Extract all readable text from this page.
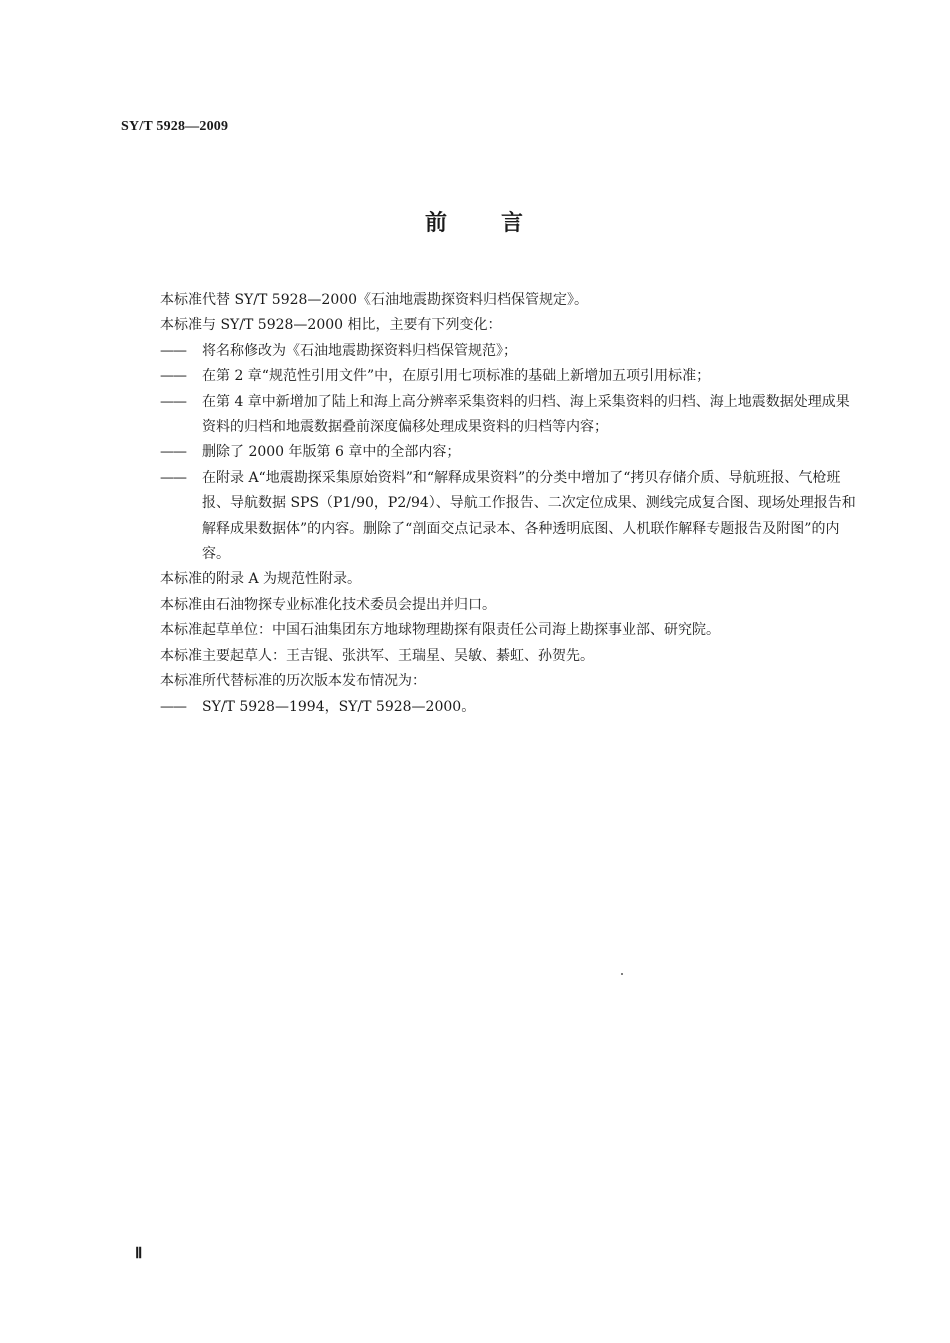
SY/T 5928—2009
前 言

本标准代替 SY/T 5928—2000《石油地震勘探资料归档保管规定》。

本标准与 SY/T 5928—2000 相比，主要有下列变化：

—— 将名称修改为《石油地震勘探资料归档保管规范》；

—— 在第 2 章“规范性引用文件”中，在原引用七项标准的基础上新增加五项引用标准；

—— 在第 4 章中新增加了陆上和海上高分辨率采集资料的归档、海上采集资料的归档、海上地震数据处理成果资料的归档和地震数据叠前深度偏移处理成果资料的归档等内容；

—— 删除了 2000 年版第 6 章中的全部内容；

—— 在附录 A“地震勘探采集原始资料”和“解释成果资料”的分类中增加了“拷贝存储介质、导航班报、气枪班报、导航数据 SPS（P1/90，P2/94）、导航工作报告、二次定位成果、测线完成复合图、现场处理报告和解释成果数据体”的内容。删除了“剖面交点记录本、各种透明底图、人机联作解释专题报告及附图”的内容。

本标准的附录 A 为规范性附录。

本标准由石油物探专业标准化技术委员会提出并归口。

本标准起草单位：中国石油集团东方地球物理勘探有限责任公司海上勘探事业部、研究院。

本标准主要起草人：王吉锟、张洪军、王瑞星、吴敏、綦虹、孙贺先。

本标准所代替标准的历次版本发布情况为：

—— SY/T 5928—1994，SY/T 5928—2000。

Ⅱ
